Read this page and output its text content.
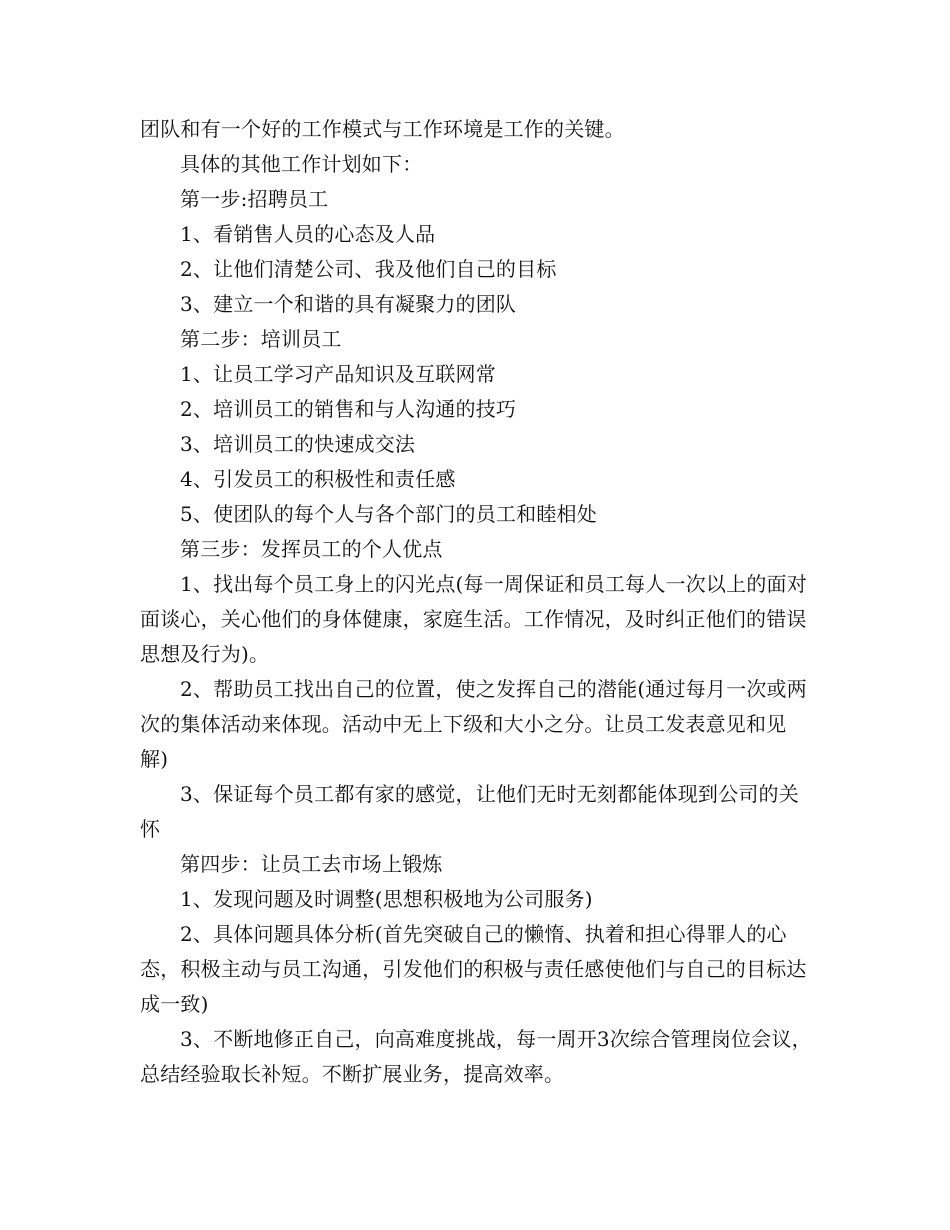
团队和有一个好的工作模式与工作环境是工作的关键。

具体的其他工作计划如下：

第一步:招聘员工

1、看销售人员的心态及人品

2、让他们清楚公司、我及他们自己的目标

3、建立一个和谐的具有凝聚力的团队

第二步：培训员工

1、让员工学习产品知识及互联网常

2、培训员工的销售和与人沟通的技巧

3、培训员工的快速成交法

4、引发员工的积极性和责任感

5、使团队的每个人与各个部门的员工和睦相处

第三步：发挥员工的个人优点

1、找出每个员工身上的闪光点(每一周保证和员工每人一次以上的面对面谈心，关心他们的身体健康，家庭生活。工作情况，及时纠正他们的错误思想及行为)。

2、帮助员工找出自己的位置，使之发挥自己的潜能(通过每月一次或两次的集体活动来体现。活动中无上下级和大小之分。让员工发表意见和见解)

3、保证每个员工都有家的感觉，让他们无时无刻都能体现到公司的关怀

第四步：让员工去市场上锻炼

1、发现问题及时调整(思想积极地为公司服务)

2、具体问题具体分析(首先突破自己的懒惰、执着和担心得罪人的心态，积极主动与员工沟通，引发他们的积极与责任感使他们与自己的目标达成一致)

3、不断地修正自己，向高难度挑战，每一周开3次综合管理岗位会议，总结经验取长补短。不断扩展业务，提高效率。
